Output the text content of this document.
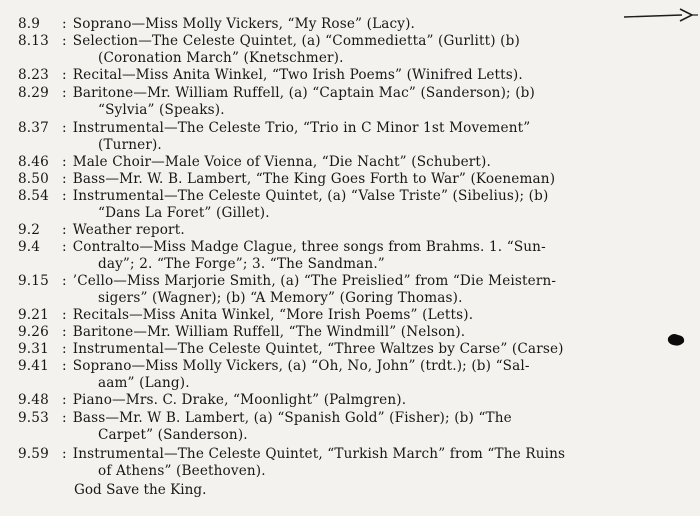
8.9 : Soprano—Miss Molly Vickers, “My Rose” (Lacy).
8.13 : Selection—The Celeste Quintet, (a) “Commedietta” (Gurlitt) (b)
(Coronation March” (Knetschmer).
8.23 : Recital—Miss Anita Winkel, “Two Irish Poems” (Winifred Letts).
8.29 : Baritone—Mr. William Ruffell, (a) “Captain Mac” (Sanderson); (b)
“Sylvia” (Speaks).
8.37 : Instrumental—The Celeste Trio, “Trio in C Minor 1st Movement”
(Turner).
8.46 : Male Choir—Male Voice of Vienna, “Die Nacht” (Schubert).
8.50 : Bass—Mr. W. B. Lambert, “The King Goes Forth to War” (Koeneman)
8.54 : Instrumental—The Celeste Quintet, (a) “Valse Triste” (Sibelius); (b)
“Dans La Foret” (Gillet).
9.2 : Weather report.
9.4 : Contralto—Miss Madge Clague, three songs from Brahms. 1. “Sun-
day”; 2. “The Forge”; 3. “The Sandman.”
9.15 : ’Cello—Miss Marjorie Smith, (a) “The Preislied” from “Die Meistern-
sigers” (Wagner); (b) “A Memory” (Goring Thomas).
9.21 : Recitals—Miss Anita Winkel, “More Irish Poems” (Letts).
9.26 : Baritone—Mr. William Ruffell, “The Windmill” (Nelson).
9.31 : Instrumental—The Celeste Quintet, “Three Waltzes by Carse” (Carse)
9.41 : Soprano—Miss Molly Vickers, (a) “Oh, No, John” (trdt.); (b) “Sal-
aam” (Lang).
9.48 : Piano—Mrs. C. Drake, “Moonlight” (Palmgren).
9.53 : Bass—Mr. W B. Lambert, (a) “Spanish Gold” (Fisher); (b) “The
Carpet” (Sanderson).
9.59 : Instrumental—The Celeste Quintet, “Turkish March” from “The Ruins
of Athens” (Beethoven).
God Save the King.
